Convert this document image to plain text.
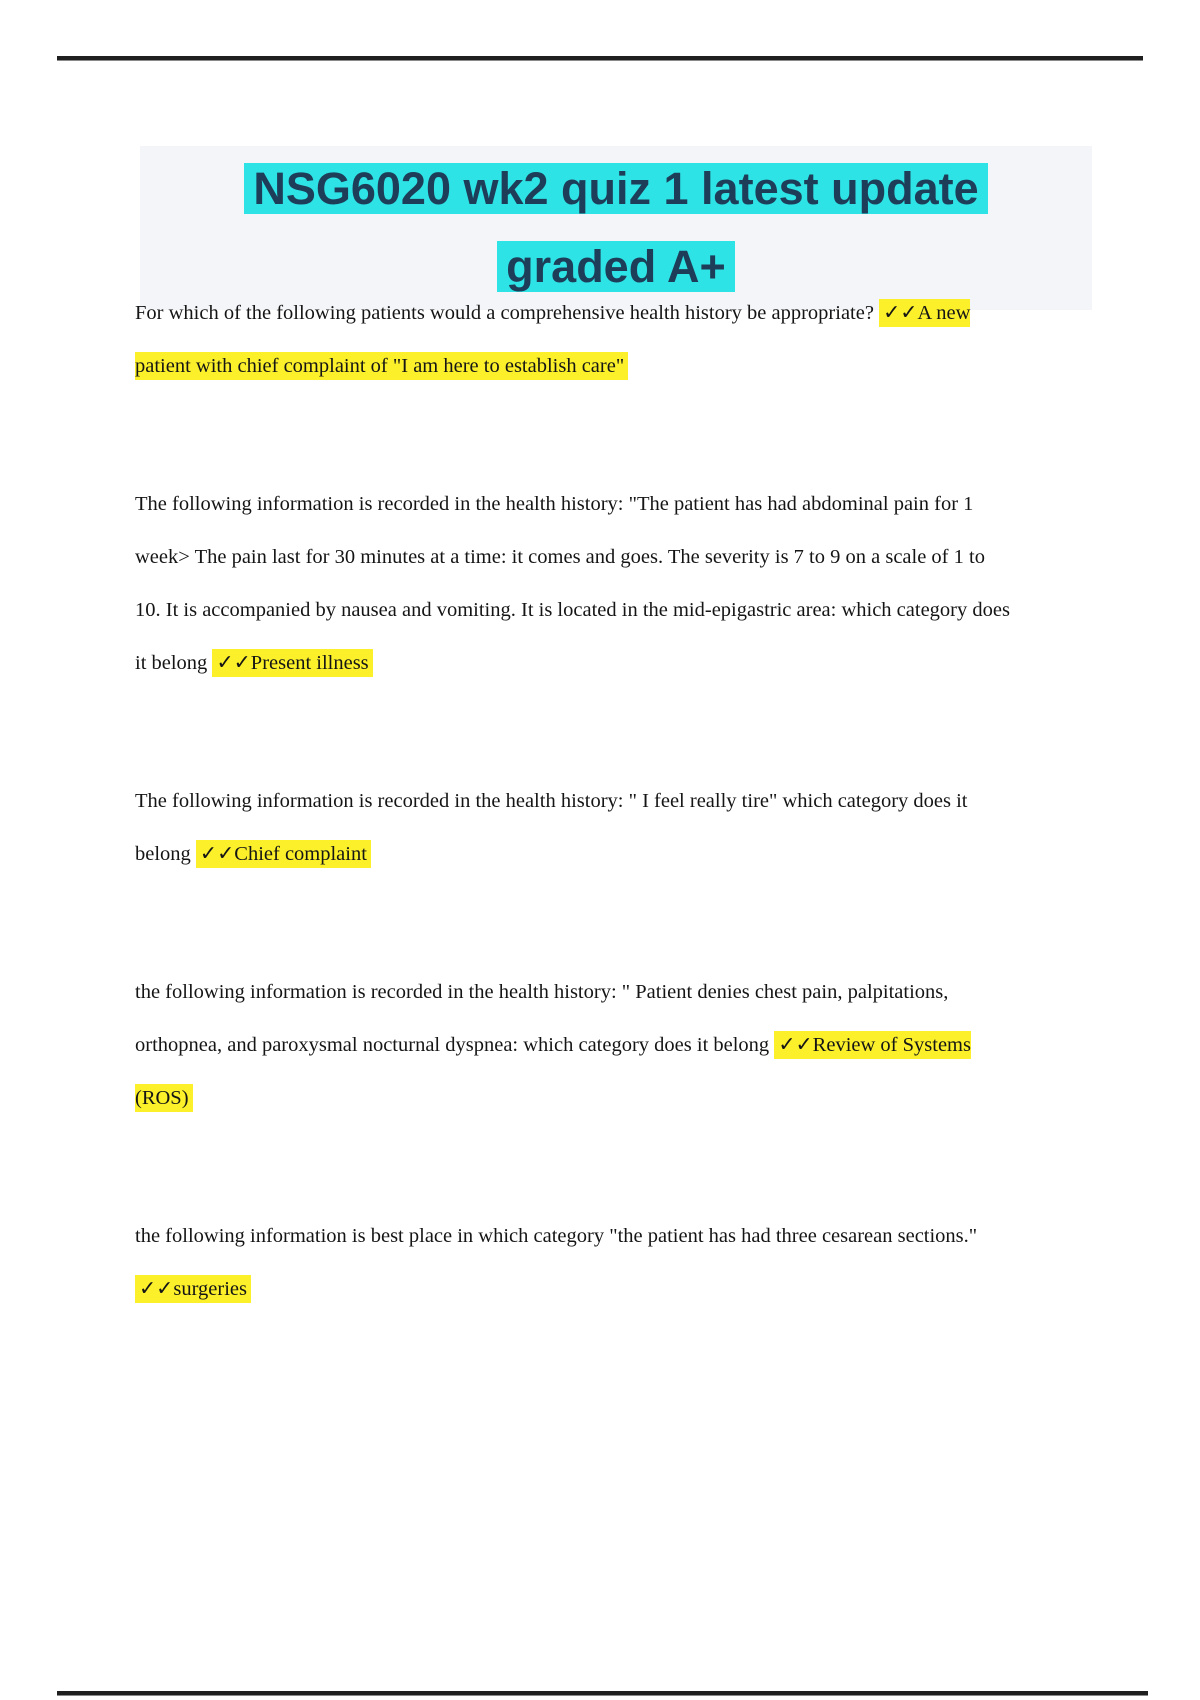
NSG6020 wk2 quiz 1 latest update
graded A+

For which of the following patients would a comprehensive health history be appropriate? ✓✓A new patient with chief complaint of "I am here to establish care"

The following information is recorded in the health history: "The patient has had abdominal pain for 1 week> The pain last for 30 minutes at a time: it comes and goes. The severity is 7 to 9 on a scale of 1 to 10. It is accompanied by nausea and vomiting. It is located in the mid-epigastric area: which category does it belong ✓✓Present illness

The following information is recorded in the health history: " I feel really tire" which category does it belong ✓✓Chief complaint

the following information is recorded in the health history: " Patient denies chest pain, palpitations, orthopnea, and paroxysmal nocturnal dyspnea: which category does it belong ✓✓Review of Systems (ROS)

the following information is best place in which category "the patient has had three cesarean sections." ✓✓surgeries
